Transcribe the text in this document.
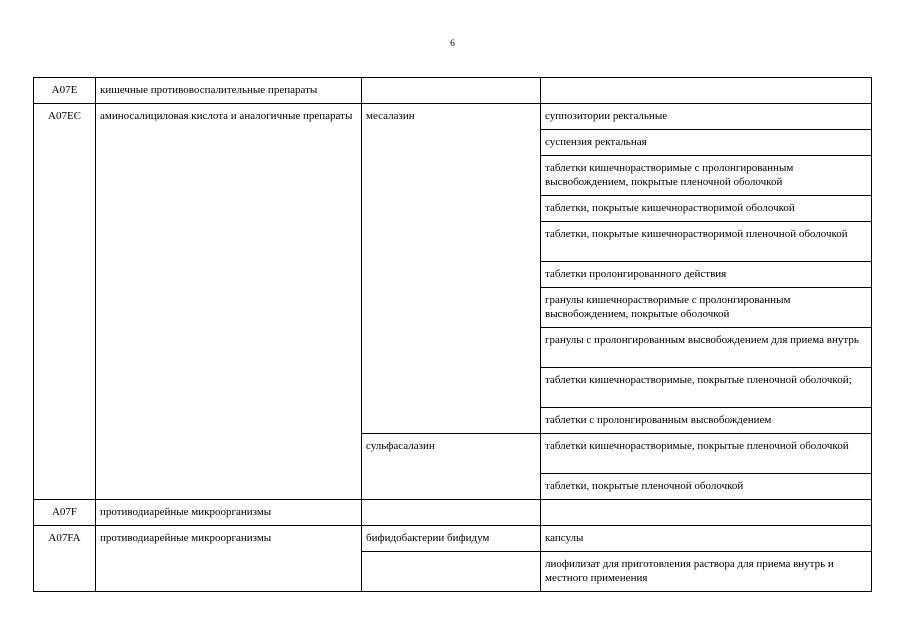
6
A07E	кишечные противовоспалительные препараты		
A07EC	аминосалициловая кислота и аналогичные препараты	месалазин	суппозитории ректальные
			суспензия ректальная
			таблетки кишечнорастворимые с пролонгированным высвобождением, покрытые пленочной оболочкой
			таблетки, покрытые кишечнорастворимой оболочкой
			таблетки, покрытые кишечнорастворимой пленочной оболочкой
			таблетки пролонгированного действия
			гранулы кишечнорастворимые с пролонгированным высвобождением, покрытые оболочкой
			гранулы с пролонгированным высвобождением для приема внутрь
			таблетки кишечнорастворимые, покрытые пленочной оболочкой;
			таблетки с пролонгированным высвобождением
		сульфасалазин	таблетки кишечнорастворимые, покрытые пленочной оболочкой
			таблетки, покрытые пленочной оболочкой
A07F	противодиарейные микроорганизмы		
A07FA	противодиарейные микроорганизмы	бифидобактерии бифидум	капсулы
			лиофилизат для приготовления раствора для приема внутрь и местного применения
